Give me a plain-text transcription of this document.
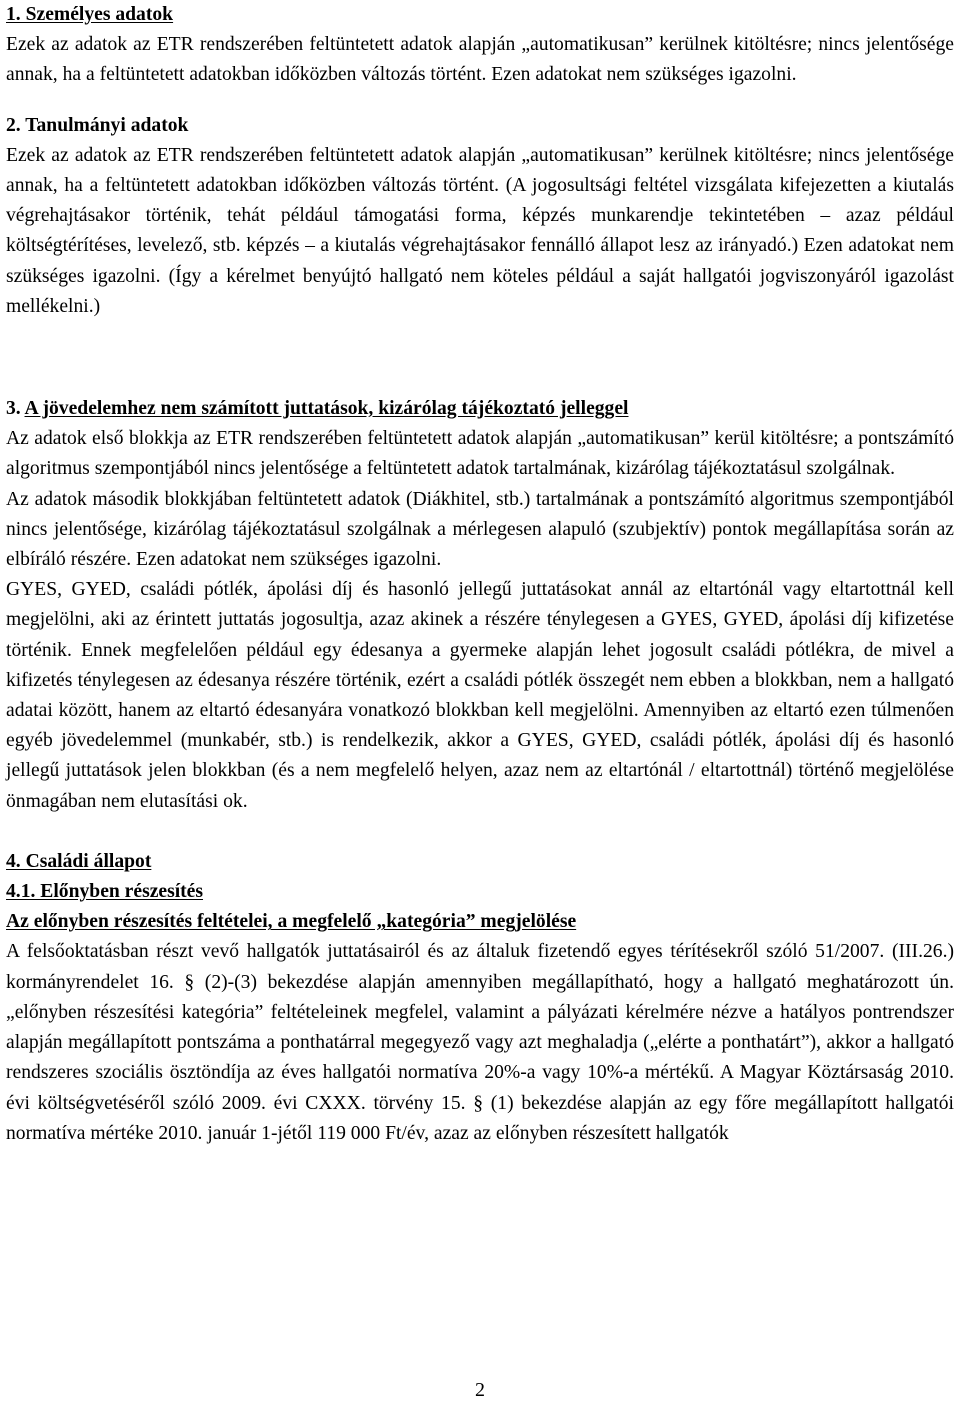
1. Személyes adatok

Ezek az adatok az ETR rendszerében feltüntetett adatok alapján „automatikusan” kerülnek kitöltésre; nincs jelentősége annak, ha a feltüntetett adatokban időközben változás történt. Ezen adatokat nem szükséges igazolni.

2. Tanulmányi adatok

Ezek az adatok az ETR rendszerében feltüntetett adatok alapján „automatikusan” kerülnek kitöltésre; nincs jelentősége annak, ha a feltüntetett adatokban időközben változás történt. (A jogosultsági feltétel vizsgálata kifejezetten a kiutalás végrehajtásakor történik, tehát például támogatási forma, képzés munkarendje tekintetében – azaz például költségtérítéses, levelező, stb. képzés – a kiutalás végrehajtásakor fennálló állapot lesz az irányadó.) Ezen adatokat nem szükséges igazolni. (Így a kérelmet benyújtó hallgató nem köteles például a saját hallgatói jogviszonyáról igazolást mellékelni.)

3. A jövedelemhez nem számított juttatások, kizárólag tájékoztató jelleggel

Az adatok első blokkja az ETR rendszerében feltüntetett adatok alapján „automatikusan” kerül kitöltésre; a pontszámító algoritmus szempontjából nincs jelentősége a feltüntetett adatok tartalmának, kizárólag tájékoztatásul szolgálnak.

Az adatok második blokkjában feltüntetett adatok (Diákhitel, stb.) tartalmának a pontszámító algoritmus szempontjából nincs jelentősége, kizárólag tájékoztatásul szolgálnak a mérlegesen alapuló (szubjektív) pontok megállapítása során az elbíráló részére. Ezen adatokat nem szükséges igazolni.

GYES, GYED, családi pótlék, ápolási díj és hasonló jellegű juttatásokat annál az eltartónál vagy eltartottnál kell megjelölni, aki az érintett juttatás jogosultja, azaz akinek a részére ténylegesen a GYES, GYED, ápolási díj kifizetése történik. Ennek megfelelően például egy édesanya a gyermeke alapján lehet jogosult családi pótlékra, de mivel a kifizetés ténylegesen az édesanya részére történik, ezért a családi pótlék összegét nem ebben a blokkban, nem a hallgató adatai között, hanem az eltartó édesanyára vonatkozó blokkban kell megjelölni. Amennyiben az eltartó ezen túlmenően egyéb jövedelemmel (munkabér, stb.) is rendelkezik, akkor a GYES, GYED, családi pótlék, ápolási díj és hasonló jellegű juttatások jelen blokkban (és a nem megfelelő helyen, azaz nem az eltartónál / eltartottnál) történő megjelölése önmagában nem elutasítási ok.

4. Családi állapot
4.1. Előnyben részesítés
Az előnyben részesítés feltételei, a megfelelő „kategória” megjelölése

A felsőoktatásban részt vevő hallgatók juttatásairól és az általuk fizetendő egyes térítésekről szóló 51/2007. (III.26.) kormányrendelet 16. § (2)-(3) bekezdése alapján amennyiben megállapítható, hogy a hallgató meghatározott ún. „előnyben részesítési kategória” feltételeinek megfelel, valamint a pályázati kérelmére nézve a hatályos pontrendszer alapján megállapított pontszáma a ponthatárral megegyező vagy azt meghaladja („elérte a ponthatárt”), akkor a hallgató rendszeres szociális ösztöndíja az éves hallgatói normatíva 20%-a vagy 10%-a mértékű. A Magyar Köztársaság 2010. évi költségvetéséről szóló 2009. évi CXXX. törvény 15. § (1) bekezdése alapján az egy főre megállapított hallgatói normatíva mértéke 2010. január 1-jétől 119 000 Ft/év, azaz az előnyben részesített hallgatók

2
